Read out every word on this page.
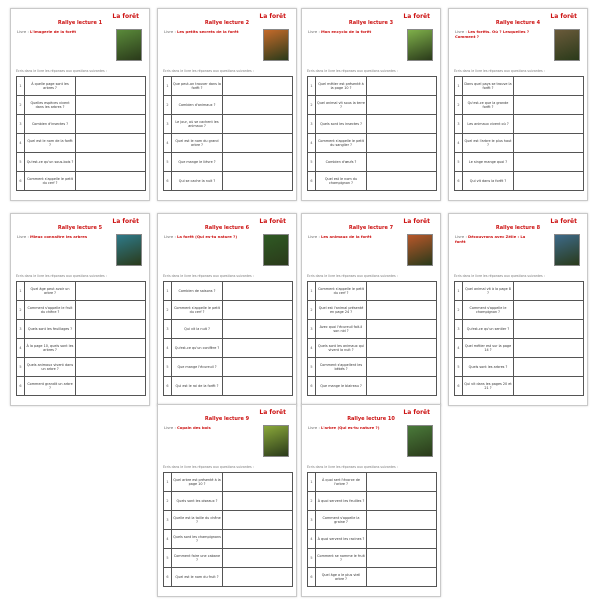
La forêt
Rallye lecture 1
Livre : L'imagerie de la forêt
Écris dans le livre les réponses aux questions suivantes :
1	À quelle page sont les arbres ?	
2	Quelles espèces vivent dans les arbres ?	
3	Combien d'insectes ?	
4	Quel est le nom de la forêt ?	
5	Qu'est-ce qu'un sous-bois ?	
6	Comment s'appelle le petit du cerf ?	
La forêt
Rallye lecture 2
Livre : Les petits secrets de la forêt
Écris dans le livre les réponses aux questions suivantes :
1	Que peut-on trouver dans la forêt ?	
2	Combien d'animaux ?	
3	Le jour, où se cachent les animaux ?	
4	Quel est le nom du grand arbre ?	
5	Que mange le lièvre ?	
6	Qui se cache la nuit ?	
La forêt
Rallye lecture 3
Livre : Mon encyclo de la forêt
Écris dans le livre les réponses aux questions suivantes :
1	Quel métier est présenté à la page 10 ?	
2	Quel animal vit sous la terre ?	
3	Quels sont les insectes ?	
4	Comment s'appelle le petit du sanglier ?	
5	Combien d'œufs ?	
6	Quel est le nom du champignon ?	
La forêt
Rallye lecture 4
Livre : Les forêts. Où ? Lesquelles ? Comment ?
Écris dans le livre les réponses aux questions suivantes :
1	Dans quel pays se trouve la forêt ?	
2	Qu'est-ce que la grande forêt ?	
3	Les animaux vivent où ?	
4	Quel est l'arbre le plus haut ?	
5	Le singe mange quoi ?	
6	Qui vit dans la forêt ?	
La forêt
Rallye lecture 5
Livre : Mieux connaître les arbres
Écris dans le livre les réponses aux questions suivantes :
1	Quel âge peut avoir un arbre ?	
2	Comment s'appelle le fruit du chêne ?	
3	Quels sont les feuillages ?	
4	À la page 10, quels sont les arbres ?	
5	Quels animaux vivent dans un arbre ?	
6	Comment grandit un arbre ?	
La forêt
Rallye lecture 6
Livre : La forêt (Qui es-tu nature ?)
Écris dans le livre les réponses aux questions suivantes :
1	Combien de saisons ?	
2	Comment s'appelle le petit du cerf ?	
3	Qui vit la nuit ?	
4	Qu'est-ce qu'un conifère ?	
5	Que mange l'écureuil ?	
6	Qui est le roi de la forêt ?	
La forêt
Rallye lecture 7
Livre : Les animaux de la forêt
Écris dans le livre les réponses aux questions suivantes :
1	Comment s'appelle le petit du cerf ?	
2	Quel est l'animal présenté en page 24 ?	
3	Avec quoi l'écureuil fait-il son nid ?	
4	Quels sont les animaux qui vivent la nuit ?	
5	Comment s'appellent les bébés ?	
6	Que mange le blaireau ?	
La forêt
Rallye lecture 8
Livre : Découvrons avec Zélie : La forêt
Écris dans le livre les réponses aux questions suivantes :
1	Quel animal vit à la page 8 ?	
2	Comment s'appelle le champignon ?	
3	Qu'est-ce qu'un sentier ?	
4	Quel métier est sur la page 14 ?	
5	Quels sont les arbres ?	
6	Qui vit dans les pages 20 et 21 ?	
La forêt
Rallye lecture 9
Livre : Copain des bois
Écris dans le livre les réponses aux questions suivantes :
1	Quel arbre est présenté à la page 10 ?	
2	Quels sont les oiseaux ?	
3	Quelle est la taille du chêne ?	
4	Quels sont les champignons ?	
5	Comment faire une cabane ?	
6	Quel est le nom du fruit ?	
La forêt
Rallye lecture 10
Livre : L'arbre (Qui es-tu nature ?)
Écris dans le livre les réponses aux questions suivantes :
1	À quoi sert l'écorce de l'arbre ?	
2	À quoi servent les feuilles ?	
3	Comment s'appelle la graine ?	
4	À quoi servent les racines ?	
5	Comment se nomme le fruit ?	
6	Quel âge a le plus vieil arbre ?	
